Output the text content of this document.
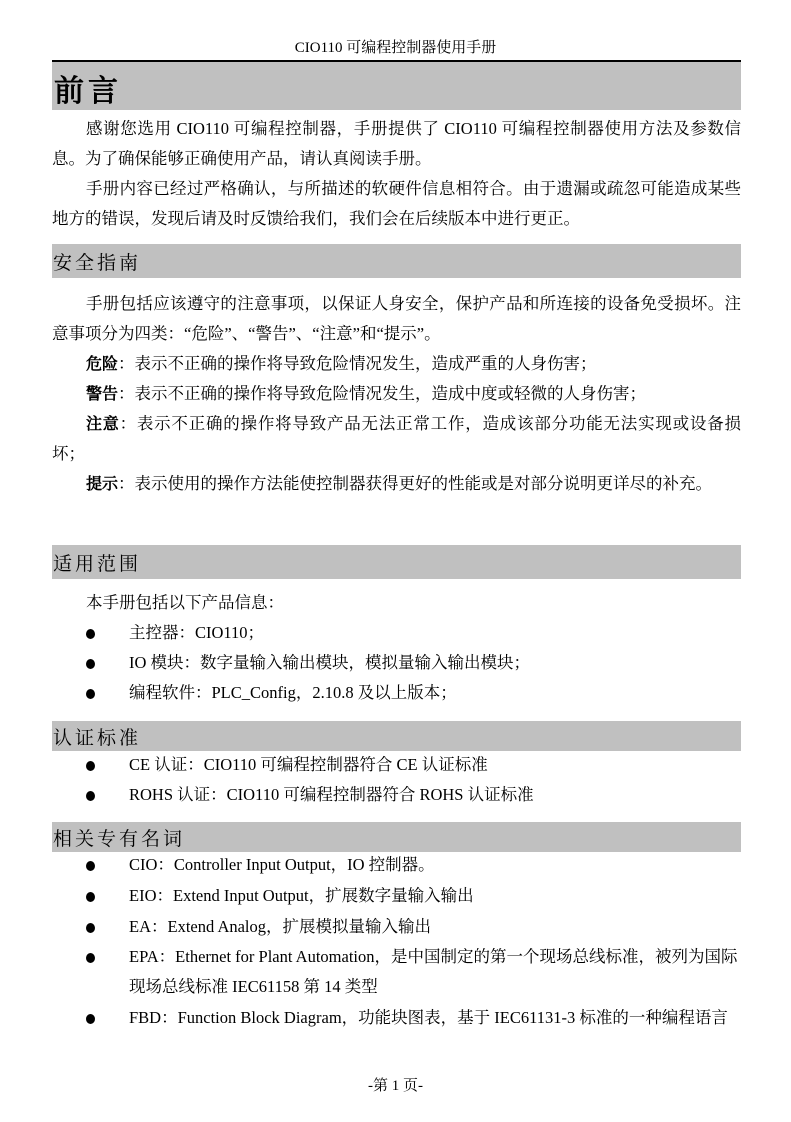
CIO110 可编程控制器使用手册
前言
感谢您选用 CIO110 可编程控制器，手册提供了 CIO110 可编程控制器使用方法及参数信息。为了确保能够正确使用产品，请认真阅读手册。
手册内容已经过严格确认，与所描述的软硬件信息相符合。由于遗漏或疏忽可能造成某些地方的错误，发现后请及时反馈给我们，我们会在后续版本中进行更正。
安全指南
手册包括应该遵守的注意事项，以保证人身安全，保护产品和所连接的设备免受损坏。注意事项分为四类：“危险”、“警告”、“注意”和“提示”。
危险：表示不正确的操作将导致危险情况发生，造成严重的人身伤害；
警告：表示不正确的操作将导致危险情况发生，造成中度或轻微的人身伤害；
注意：表示不正确的操作将导致产品无法正常工作，造成该部分功能无法实现或设备损坏；
提示：表示使用的操作方法能使控制器获得更好的性能或是对部分说明更详尽的补充。
适用范围
本手册包括以下产品信息：
主控器：CIO110；
IO 模块：数字量输入输出模块，模拟量输入输出模块；
编程软件：PLC_Config，2.10.8 及以上版本；
认证标准
CE 认证：CIO110 可编程控制器符合 CE 认证标准
ROHS 认证：CIO110 可编程控制器符合 ROHS 认证标准
相关专有名词
CIO：Controller Input Output，IO 控制器。
EIO：Extend Input Output，扩展数字量输入输出
EA：Extend Analog，扩展模拟量输入输出
EPA：Ethernet for Plant Automation，是中国制定的第一个现场总线标准，被列为国际现场总线标准 IEC61158 第 14 类型
FBD：Function Block Diagram，功能块图表，基于 IEC61131-3 标准的一种编程语言
-第 1 页-
